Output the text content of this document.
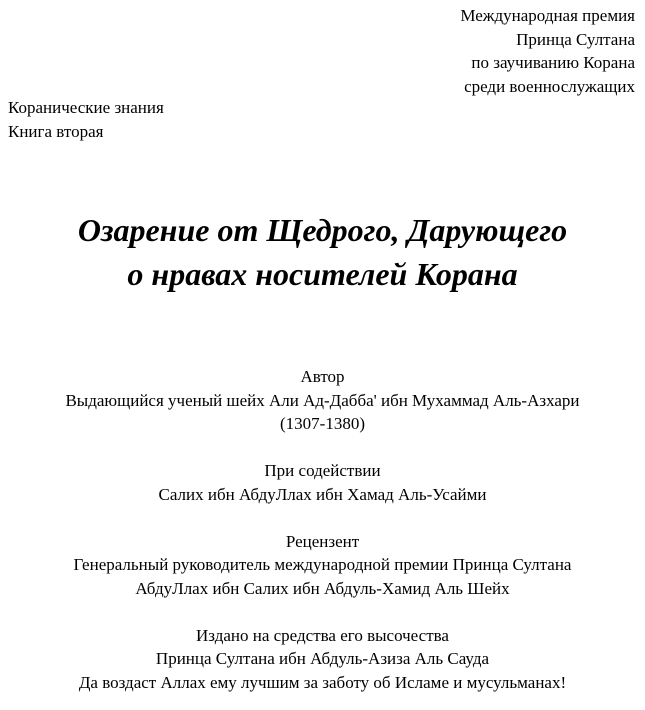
Международная премия
Принца Султана
по заучиванию Корана
среди военнослужащих
Коранические знания
Книга вторая
Озарение от Щедрого, Дарующего
о нравах носителей Корана
Автор
Выдающийся ученый шейх Али Ад-Дабба' ибн Мухаммад Аль-Азхари
(1307-1380)
При содействии
Салих ибн АбдуЛлах ибн Хамад Аль-Усайми
Рецензент
Генеральный руководитель международной премии Принца Султана
АбдуЛлах ибн Салих ибн Абдуль-Хамид Аль Шейх
Издано на средства его высочества
Принца Султана ибн Абдуль-Азиза Аль Сауда
Да воздаст Аллах ему лучшим за заботу об Исламе и мусульманах!
